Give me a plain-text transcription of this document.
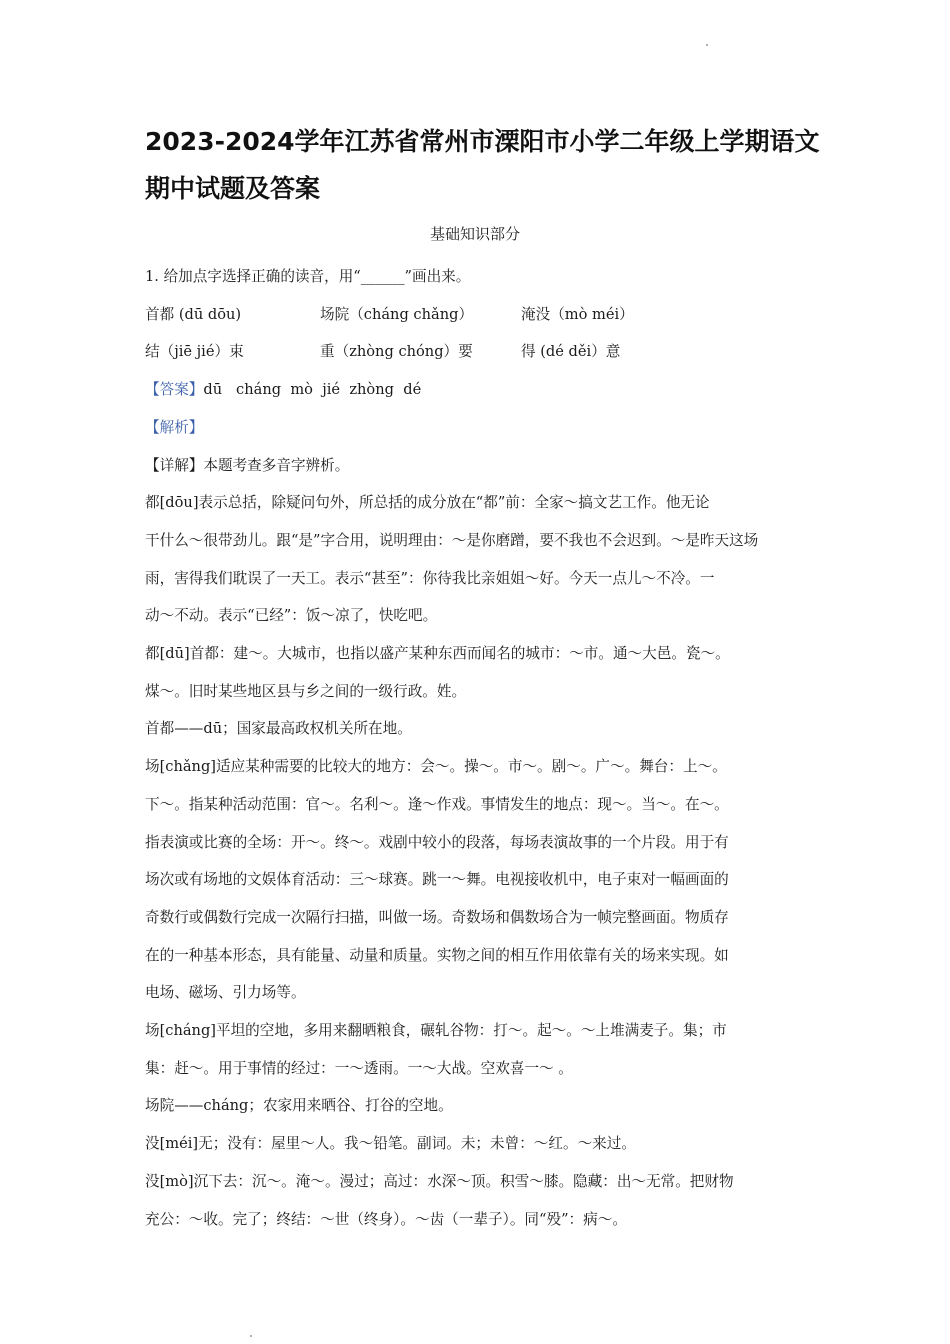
2023-2024学年江苏省常州市溧阳市小学二年级上学期语文
期中试题及答案
基础知识部分

1. 给加点字选择正确的读音，用“______”画出来。

首都 (dū dōu)	场院（cháng chǎng）	淹没（mò méi）

结（jiē jié）束	重（zhòng chóng）要	得 (dé děi）意

【答案】dū   cháng  mò  jié  zhòng  dé

【解析】

【详解】本题考查多音字辨析。

都[dōu]表示总括，除疑问句外，所总括的成分放在“都”前：全家～搞文艺工作。他无论

干什么～很带劲儿。跟“是”字合用，说明理由：～是你磨蹭，要不我也不会迟到。～是昨天这场

雨，害得我们耽误了一天工。表示“甚至”：你待我比亲姐姐～好。今天一点儿～不冷。一

动～不动。表示“已经”：饭～凉了，快吃吧。

都[dū]首都：建～。大城市，也指以盛产某种东西而闻名的城市：～市。通～大邑。瓷～。

煤～。旧时某些地区县与乡之间的一级行政。姓。

首都——dū；国家最高政权机关所在地。

场[chǎng]适应某种需要的比较大的地方：会～。操～。市～。剧～。广～。舞台：上～。

下～。指某种活动范围：官～。名利～。逢～作戏。事情发生的地点：现～。当～。在～。

指表演或比赛的全场：开～。终～。戏剧中较小的段落，每场表演故事的一个片段。用于有

场次或有场地的文娱体育活动：三～球赛。跳一～舞。电视接收机中，电子束对一幅画面的

奇数行或偶数行完成一次隔行扫描，叫做一场。奇数场和偶数场合为一帧完整画面。物质存

在的一种基本形态，具有能量、动量和质量。实物之间的相互作用依靠有关的场来实现。如

电场、磁场、引力场等。

场[cháng]平坦的空地，多用来翻晒粮食，碾轧谷物：打～。起～。～上堆满麦子。集；市

集：赶～。用于事情的经过：一～透雨。一～大战。空欢喜一～ 。

场院——cháng；农家用来晒谷、打谷的空地。

没[méi]无；没有：屋里～人。我～铅笔。副词。未；未曾：～红。～来过。

没[mò]沉下去：沉～。淹～。漫过；高过：水深～顶。积雪～膝。隐藏：出～无常。把财物

充公：～收。完了；终结：～世（终身）。～齿（一辈子）。同“殁”：病～。
